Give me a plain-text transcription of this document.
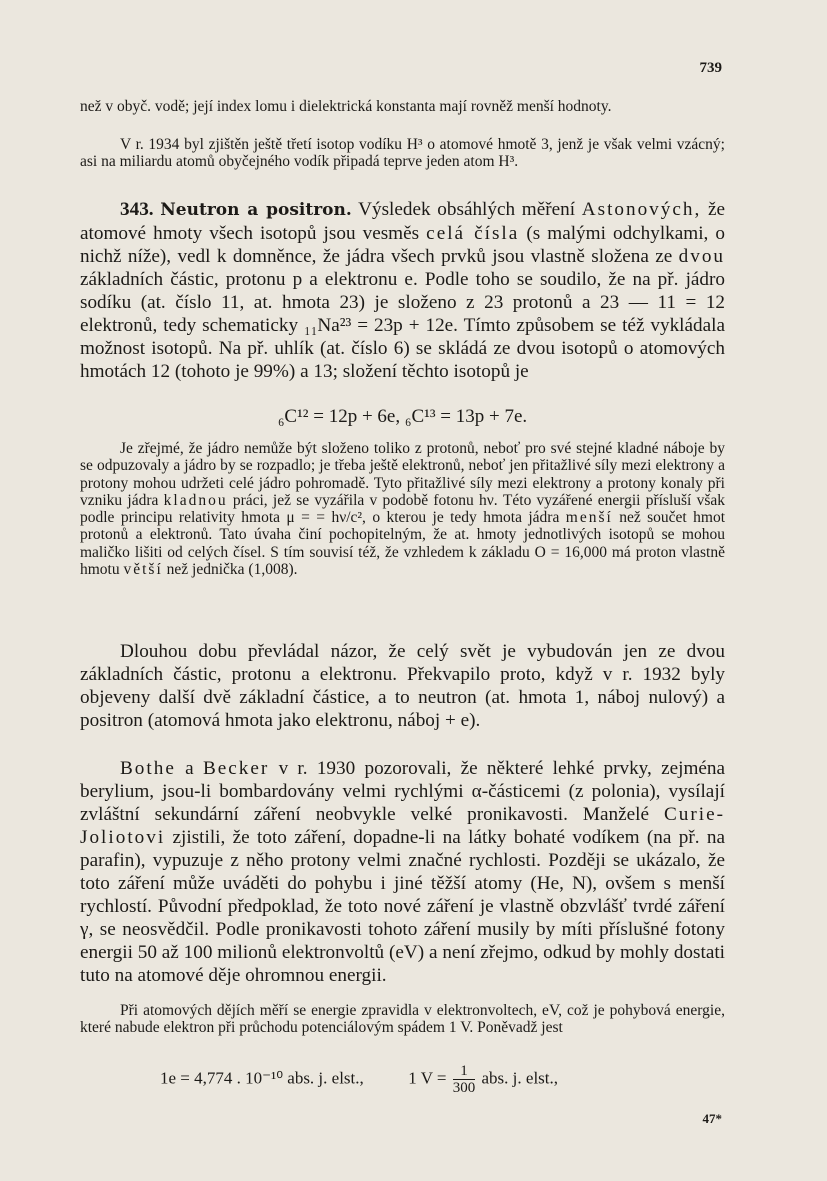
739
než v obyč. vodě; její index lomu i dielektrická konstanta mají rovněž menší hodnoty.
V r. 1934 byl zjištěn ještě třetí isotop vodíku H³ o atomové hmotě 3, jenž je však velmi vzácný; asi na miliardu atomů obyčejného vodík připadá teprve jeden atom H³.
343. Neutron a positron. Výsledek obsáhlých měření Astonových, že atomové hmoty všech isotopů jsou vesměs celá čísla (s malými odchylkami, o nichž níže), vedl k domněnce, že jádra všech prvků jsou vlastně složena ze dvou základních částic, protonu p a elektronu e. Podle toho se soudilo, že na př. jádro sodíku (at. číslo 11, at. hmota 23) je složeno z 23 protonů a 23 — 11 = 12 elektronů, tedy schematicky ₁₁Na²³ = 23p + 12e. Tímto způsobem se též vykládala možnost isotopů. Na př. uhlík (at. číslo 6) se skládá ze dvou isotopů o atomových hmotách 12 (tohoto je 99%) a 13; složení těchto isotopů je
₆C¹² = 12p + 6e, ₆C¹³ = 13p + 7e.
Je zřejmé, že jádro nemůže být složeno toliko z protonů, neboť pro své stejné kladné náboje by se odpuzovaly a jádro by se rozpadlo; je třeba ještě elektronů, neboť jen přitažlivé síly mezi elektrony a protony mohou udržeti celé jádro pohromadě. Tyto přitažlivé síly mezi elektrony a protony konaly při vzniku jádra kladnou práci, jež se vyzářila v podobě fotonu hν. Této vyzářené energii přísluší však podle principu relativity hmota μ = = hν/c², o kterou je tedy hmota jádra menší než součet hmot protonů a elektronů. Tato úvaha činí pochopitelným, že at. hmoty jednotlivých isotopů se mohou maličko lišiti od celých čísel. S tím souvisí též, že vzhledem k základu O = 16,000 má proton vlastně hmotu větší než jednička (1,008).
Dlouhou dobu převládal názor, že celý svět je vybudován jen ze dvou základních částic, protonu a elektronu. Překvapilo proto, když v r. 1932 byly objeveny další dvě základní částice, a to neutron (at. hmota 1, náboj nulový) a positron (atomová hmota jako elektronu, náboj + e).
Bothe a Becker v r. 1930 pozorovali, že některé lehké prvky, zejména berylium, jsou-li bombardovány velmi rychlými α-částicemi (z polonia), vysílají zvláštní sekundární záření neobvykle velké pronikavosti. Manželé Curie-Joliotovi zjistili, že toto záření, dopadne-li na látky bohaté vodíkem (na př. na parafin), vypuzuje z něho protony velmi značné rychlosti. Později se ukázalo, že toto záření může uváděti do pohybu i jiné těžší atomy (He, N), ovšem s menší rychlostí. Původní předpoklad, že toto nové záření je vlastně obzvlášť tvrdé záření γ, se neosvědčil. Podle pronikavosti tohoto záření musily by míti příslušné fotony energii 50 až 100 milionů elektronvoltů (eV) a není zřejmo, odkud by mohly dostati tuto na atomové děje ohromnou energii.
Při atomových dějích měří se energie zpravidla v elektronvoltech, eV, což je pohybová energie, které nabude elektron při průchodu potenciálovým spádem 1 V. Poněvadž jest
1e = 4,774 . 10⁻¹⁰ abs. j. elst.,	1 $V = \frac{1}{300}$ abs. j. elst.,
47*
